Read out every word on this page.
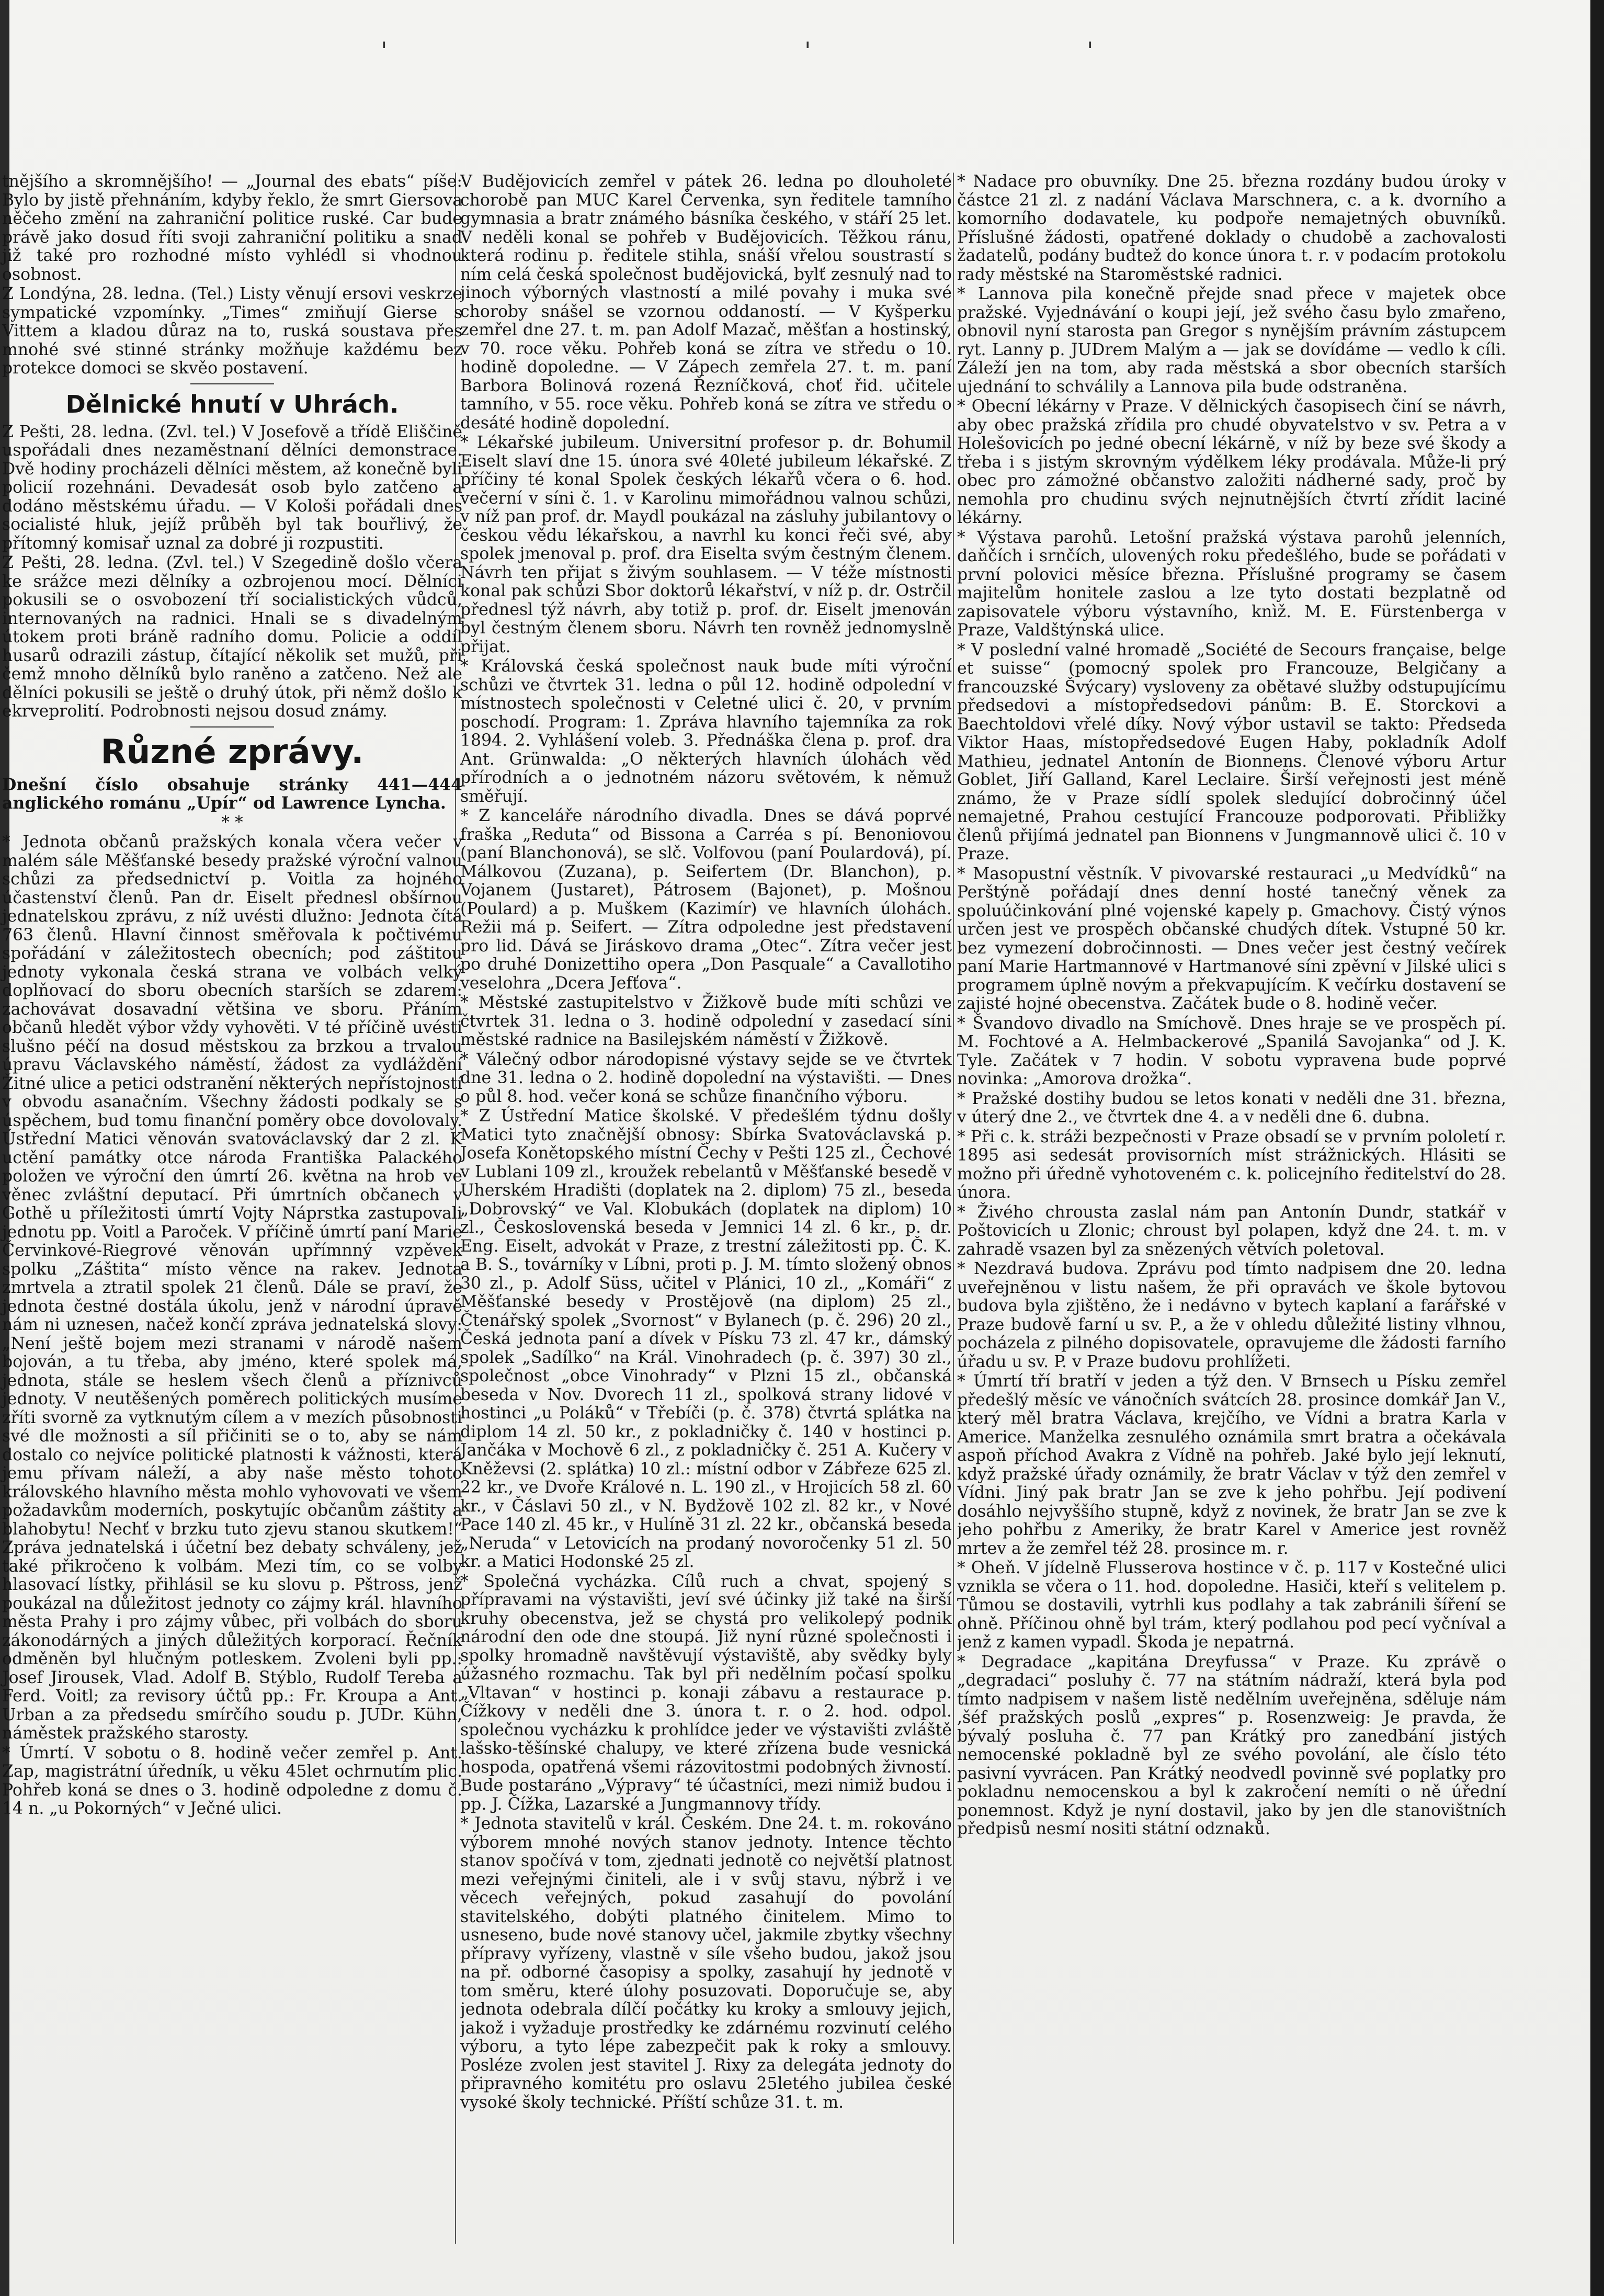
'	'	'

tnějšího a skromnějšího! — „Journal des ebats“ píše: Bylo by jistě přehnáním, kdyby řeklo, že smrt Giersova něčeho změní na zahraniční politice ruské. Car bude právě jako dosud říti svoji zahraniční politiku a snad již také pro rozhodné místo vyhlédl si vhodnou osobnost.

Z Londýna, 28. ledna. (Tel.) Listy věnují ersovi veskrze sympatické vzpomínky. „Times“ zmiňují Gierse s Vittem a kladou důraz na to, ruská soustava přes mnohé své stinné stránky možňuje každému bez protekce domoci se skvěo postavení.

Dělnické hnutí v Uhrách.

Z Pešti, 28. ledna. (Zvl. tel.) V Josefově a třídě Eliščině uspořádali dnes nezaměstnaní dělníci demonstrace. Dvě hodiny procházeli dělníci městem, až konečně byli policií rozehnáni. Devadesát osob bylo zatčeno a dodáno městskému úřadu. — V Kološi pořádali dnes socialisté hluk, jejíž průběh byl tak bouřlivý, že přítomný komisař uznal za dobré ji rozpustiti.

Z Pešti, 28. ledna. (Zvl. tel.) V Szegedině došlo včera ke srážce mezi dělníky a ozbrojenou mocí. Dělníci pokusili se o osvobození tří socialistických vůdců, internovaných na radnici. Hnali se s divadelným útokem proti bráně radního domu. Policie a oddíl husarů odrazili zástup, čítající několik set mužů, při čemž mnoho dělníků bylo raněno a zatčeno. Než ale dělníci pokusili se ještě o druhý útok, při němž došlo k ekrveprolití. Podrobnosti nejsou dosud známy.

Různé zprávy.

Dnešní číslo obsahuje stránky 441—444 anglického románu „Upír“ od Lawrence Lyncha.

* *

* Jednota občanů pražských konala včera večer v malém sále Měšťanské besedy pražské výroční valnou schůzi za předsednictví p. Voitla za hojného účastenství členů. Pan dr. Eiselt přednesl obšírnou jednatelskou zprávu, z níž uvésti dlužno: Jednota čítá 763 členů. Hlavní činnost směřovala k počtivému spořádání v záležitostech obecních; pod záštitou jednoty vykonala česká strana ve volbách velký doplňovací do sboru obecních starších se zdarem: zachovávat dosavadní většina ve sboru. Přáním občanů hledět výbor vždy vyhověti. V té příčině uvésti slušno péčí na dosud městskou za brzkou a trvalou úpravu Václavského náměstí, žádost za vydláždění Žitné ulice a petici odstranění některých nepřístojností v obvodu asanačním. Všechny žádosti podkaly se s úspěchem, bud tomu finanční poměry obce dovolovaly. Ústřední Matici věnován svatováclavský dar 2 zl. K uctění památky otce národa Františka Palackého položen ve výroční den úmrtí 26. května na hrob ve věnec zvláštní deputací. Při úmrtních občanech v Gothě u příležitosti úmrtí Vojty Náprstka zastupovali jednotu pp. Voitl a Paroček. V příčině úmrtí paní Marie Červinkové-Riegrové věnován upřímnný vzpěvek spolku „Záštita“ místo věnce na rakev. Jednota zmrtvela a ztratil spolek 21 členů. Dále se praví, že jednota čestné dostála úkolu, jenž v národní úpravě nám ni uznesen, načež končí zpráva jednatelská slovy: „Není ještě bojem mezi stranami v národě našem bojován, a tu třeba, aby jméno, které spolek má, jednota, stále se heslem všech členů a příznivců jednoty. V neutěšených poměrech politických musíme zříti svorně za vytknutým cílem a v mezích působnosti své dle možnosti a síl přičiniti se o to, aby se nám dostalo co nejvíce politické platnosti k vážnosti, která jemu přívam náleží, a aby naše město tohoto královského hlavního města mohlo vyhovovati ve všem požadavkům moderních, poskytujíc občanům záštity a blahobytu! Nechť v brzku tuto zjevu stanou skutkem!“ Zpráva jednatelská i účetní bez debaty schváleny, jež také přikročeno k volbám. Mezi tím, co se volby hlasovací lístky, přihlásil se ku slovu p. Pštross, jenž poukázal na důležitost jednoty co zájmy král. hlavního města Prahy i pro zájmy vůbec, při volbách do sboru zákonodárných a jiných důležitých korporací. Řečník odměněn byl hlučným potleskem. Zvoleni byli pp.: Josef Jirousek, Vlad. Adolf B. Stýblo, Rudolf Tereba a Ferd. Voitl; za revisory účtů pp.: Fr. Kroupa a Ant. Urban a za předsedu smírčího soudu p. JUDr. Kühn, náměstek pražského starosty.

* Úmrtí. V sobotu o 8. hodině večer zemřel p. Ant. Zap, magistrátní úředník, u věku 45let ochrnutím plic. Pohřeb koná se dnes o 3. hodině odpoledne z domu č. 14 n. „u Pokorných“ v Ječné ulici.

V Budějovicích zemřel v pátek 26. ledna po dlouholeté chorobě pan MUC Karel Červenka, syn ředitele tamního gymnasia a bratr známého básníka českého, v stáří 25 let. V neděli konal se pohřeb v Budějovicích. Těžkou ránu, která rodinu p. ředitele stihla, snáší vřelou soustrastí s ním celá česká společnost budějovická, bylť zesnulý nad to jinoch výborných vlastností a milé povahy i muka své choroby snášel se vzornou oddaností. — V Kyšperku zemřel dne 27. t. m. pan Adolf Mazač, měšťan a hostinský, v 70. roce věku. Pohřeb koná se zítra ve středu o 10. hodině dopoledne. — V Zápech zemřela 27. t. m. paní Barbora Bolinová rozená Řezníčková, choť řid. učitele tamního, v 55. roce věku. Pohřeb koná se zítra ve středu o desáté hodině dopolední.

* Lékařské jubileum. Universitní profesor p. dr. Bohumil Eiselt slaví dne 15. února své 40leté jubileum lékařské. Z příčiny té konal Spolek českých lékařů včera o 6. hod. večerní v síni č. 1. v Karolinu mimořádnou valnou schůzi, v níž pan prof. dr. Maydl poukázal na zásluhy jubilantovy o českou vědu lékařskou, a navrhl ku konci řeči své, aby spolek jmenoval p. prof. dra Eiselta svým čestným členem. Návrh ten přijat s živým souhlasem. — V téže místnosti konal pak schůzi Sbor doktorů lékařství, v níž p. dr. Ostrčil přednesl týž návrh, aby totiž p. prof. dr. Eiselt jmenován byl čestným členem sboru. Návrh ten rovněž jednomyslně přijat.

* Královská česká společnost nauk bude míti výroční schůzi ve čtvrtek 31. ledna o půl 12. hodině odpolední v místnostech společnosti v Celetné ulici č. 20, v prvním poschodí. Program: 1. Zpráva hlavního tajemníka za rok 1894. 2. Vyhlášení voleb. 3. Přednáška člena p. prof. dra Ant. Grünwalda: „O některých hlavních úlohách věd přírodních a o jednotném názoru světovém, k němuž směřují.

* Z kanceláře národního divadla. Dnes se dává poprvé fraška „Reduta“ od Bissona a Carréa s pí. Benoniovou (paní Blanchonová), se slč. Volfovou (paní Poulardová), pí. Málkovou (Zuzana), p. Seifertem (Dr. Blanchon), p. Vojanem (Justaret), Pátrosem (Bajonet), p. Mošnou (Poulard) a p. Muškem (Kazimír) ve hlavních úlohách. Režii má p. Seifert. — Zítra odpoledne jest představení pro lid. Dává se Jiráskovo drama „Otec“. Zítra večer jest po druhé Donizettiho opera „Don Pasquale“ a Cavallotiho veselohra „Dcera Jefťova“.

* Městské zastupitelstvo v Žižkově bude míti schůzi ve čtvrtek 31. ledna o 3. hodině odpolední v zasedací síni městské radnice na Basilejském náměstí v Žižkově.

* Válečný odbor národopisné výstavy sejde se ve čtvrtek dne 31. ledna o 2. hodině dopolední na výstavišti. — Dnes o půl 8. hod. večer koná se schůze finančního výboru.

* Z Ústřední Matice školské. V předešlém týdnu došly Matici tyto značnější obnosy: Sbírka Svatováclavská p. Josefa Konětopského místní Čechy v Pešti 125 zl., Čechové v Lublani 109 zl., kroužek rebelantů v Měšťanské besedě v Uherském Hradišti (doplatek na 2. diplom) 75 zl., beseda „Dobrovský“ ve Val. Klobukách (doplatek na diplom) 10 zl., Československá beseda v Jemnici 14 zl. 6 kr., p. dr. Eng. Eiselt, advokát v Praze, z trestní záležitosti pp. Č. K. a B. S., továrníky v Líbni, proti p. J. M. tímto složený obnos 30 zl., p. Adolf Süss, učitel v Plánici, 10 zl., „Komáři“ z Měšťanské besedy v Prostějově (na diplom) 25 zl., Čtenářský spolek „Svornost“ v Bylanech (p. č. 296) 20 zl., Česká jednota paní a dívek v Písku 73 zl. 47 kr., dámský spolek „Sadílko“ na Král. Vinohradech (p. č. 397) 30 zl., společnost „obce Vinohrady“ v Plzni 15 zl., občanská beseda v Nov. Dvorech 11 zl., spolková strany lidové v hostinci „u Poláků“ v Třebíči (p. č. 378) čtvrtá splátka na diplom 14 zl. 50 kr., z pokladničky č. 140 v hostinci p. Jančáka v Mochově 6 zl., z pokladničky č. 251 A. Kučery v Kněževsi (2. splátka) 10 zl.: místní odbor v Zábřeze 625 zl. 22 kr., ve Dvoře Králové n. L. 190 zl., v Hrojicích 58 zl. 60 kr., v Čáslavi 50 zl., v N. Bydžově 102 zl. 82 kr., v Nové Pace 140 zl. 45 kr., v Hulíně 31 zl. 22 kr., občanská beseda „Neruda“ v Letovicích na prodaný novoročenky 51 zl. 50 kr. a Matici Hodonské 25 zl.

* Společná vycházka. Cílů ruch a chvat, spojený s přípravami na výstavišti, jeví své účinky již také na širší kruhy obecenstva, jež se chystá pro velikolepý podnik národní den ode dne stoupá. Již nyní různé společnosti i spolky hromadně navštěvují výstaviště, aby svědky byly úžasného rozmachu. Tak byl při nedělním počasí spolku „Vltavan“ v hostinci p. konaji zábavu a restaurace p. Čížkovy v neděli dne 3. února t. r. o 2. hod. odpol. společnou vycházku k prohlídce jeder ve výstavišti zvláště lašsko-těšínské chalupy, ve které zřízena bude vesnická hospoda, opatřená všemi rázovitostmi podobných živností. Bude postaráno „Výpravy“ té účastníci, mezi nimiž budou i pp. J. Čížka, Lazarské a Jungmannovy třídy.

* Jednota stavitelů v král. Českém. Dne 24. t. m. rokováno výborem mnohé nových stanov jednoty. Intence těchto stanov spočívá v tom, zjednati jednotě co největší platnost mezi veřejnými činiteli, ale i v svůj stavu, nýbrž i ve věcech veřejných, pokud zasahují do povolání stavitelského, dobýti platného činitelem. Mimo to usneseno, bude nové stanovy učel, jakmile zbytky všechny přípravy vyřízeny, vlastně v síle všeho budou, jakož jsou na př. odborné časopisy a spolky, zasahují hy jednotě v tom směru, které úlohy posuzovati. Doporučuje se, aby jednota odebrala dílčí počátky ku kroky a smlouvy jejich, jakož i vyžaduje prostředky ke zdárnému rozvinutí celého výboru, a tyto lépe zabezpečit pak k roky a smlouvy. Posléze zvolen jest stavitel J. Rixy za delegáta jednoty do připravného komitétu pro oslavu 25letého jubilea české vysoké školy technické. Příští schůze 31. t. m.

* Nadace pro obuvníky. Dne 25. března rozdány budou úroky v částce 21 zl. z nadání Václava Marschnera, c. a k. dvorního a komorního dodavatele, ku podpoře nemajetných obuvníků. Příslušné žádosti, opatřené doklady o chudobě a zachovalosti žadatelů, podány budtež do konce února t. r. v podacím protokolu rady městské na Staroměstské radnici.

* Lannova pila konečně přejde snad přece v majetek obce pražské. Vyjednávání o koupi její, jež svého času bylo zmařeno, obnovil nyní starosta pan Gregor s nynějším právním zástupcem ryt. Lanny p. JUDrem Malým a — jak se dovídáme — vedlo k cíli. Záleží jen na tom, aby rada městská a sbor obecních starších ujednání to schválily a Lannova pila bude odstraněna.

* Obecní lékárny v Praze. V dělnických časopisech činí se návrh, aby obec pražská zřídila pro chudé obyvatelstvo v sv. Petra a v Holešovicích po jedné obecní lékárně, v níž by beze své škody a třeba i s jistým skrovným výdělkem léky prodávala. Může-li prý obec pro zámožné občanstvo založiti nádherné sady, proč by nemohla pro chudinu svých nejnutnějších čtvrtí zřídit laciné lékárny.

* Výstava parohů. Letošní pražská výstava parohů jelenních, daňčích i srnčích, ulovených roku předešlého, bude se pořádati v první polovici měsíce března. Příslušné programy se časem majitelům honitele zaslou a lze tyto dostati bezplatně od zapisovatele výboru výstavního, knìž. M. E. Fürstenberga v Praze, Valdštýnská ulice.

* V poslední valné hromadě „Société de Secours française, belge et suisse“ (pomocný spolek pro Francouze, Belgičany a francouzské Švýcary) vysloveny za obětavé služby odstupujícímu předsedovi a místopředsedovi pánům: B. E. Storckovi a Baechtoldovi vřelé díky. Nový výbor ustavil se takto: Předseda Viktor Haas, místopředsedové Eugen Haby, pokladník Adolf Mathieu, jednatel Antonín de Bionnens. Členové výboru Artur Goblet, Jiří Galland, Karel Leclaire. Širší veřejnosti jest méně známo, že v Praze sídlí spolek sledující dobročinný účel nemajetné, Prahou cestující Francouze podporovati. Přibližky členů přijímá jednatel pan Bionnens v Jungmannově ulici č. 10 v Praze.

* Masopustní věstník. V pivovarské restauraci „u Medvídků“ na Perštýně pořádají dnes denní hosté tanečný věnek za spoluúčinkování plné vojenské kapely p. Gmachovy. Čistý výnos určen jest ve prospěch občanské chudých dítek. Vstupné 50 kr. bez vymezení dobročinnosti. — Dnes večer jest čestný večírek paní Marie Hartmannové v Hartmanové síni zpěvní v Jilské ulici s programem úplně novým a překvapujícím. K večírku dostavení se zajisté hojné obecenstva. Začátek bude o 8. hodině večer.

* Švandovo divadlo na Smíchově. Dnes hraje se ve prospěch pí. M. Fochtové a A. Helmbackerové „Spanilá Savojanka“ od J. K. Tyle. Začátek v 7 hodin. V sobotu vypravena bude poprvé novinka: „Amorova drožka“.

* Pražské dostihy budou se letos konati v neděli dne 31. března, v úterý dne 2., ve čtvrtek dne 4. a v neděli dne 6. dubna.

* Při c. k. stráži bezpečnosti v Praze obsadí se v prvním pololetí r. 1895 asi sedesát provisorních míst strážnických. Hlásiti se možno při úředně vyhotoveném c. k. policejního ředitelství do 28. února.

* Živého chrousta zaslal nám pan Antonín Dundr, statkář v Poštovicích u Zlonic; chroust byl polapen, když dne 24. t. m. v zahradě vsazen byl za snězených větvích poletoval.

* Nezdravá budova. Zprávu pod tímto nadpisem dne 20. ledna uveřejněnou v listu našem, že při opravách ve škole bytovou budova byla zjištěno, že i nedávno v bytech kaplaní a farářské v Praze budově farní u sv. P., a že v ohledu důležité listiny vlhnou, pocházela z pilného dopisovatele, opravujeme dle žádosti farního úřadu u sv. P. v Praze budovu prohlížeti.

* Úmrtí tří bratří v jeden a týž den. V Brnsech u Písku zemřel předešlý měsíc ve vánočních svátcích 28. prosince domkář Jan V., který měl bratra Václava, krejčího, ve Vídni a bratra Karla v Americe. Manželka zesnulého oznámila smrt bratra a očekávala aspoň příchod Avakra z Vídně na pohřeb. Jaké bylo její leknutí, když pražské úřady oznámily, že bratr Václav v týž den zemřel v Vídni. Jiný pak bratr Jan se zve k jeho pohřbu. Její podivení dosáhlo nejvyššího stupně, když z novinek, že bratr Jan se zve k jeho pohřbu z Ameriky, že bratr Karel v Americe jest rovněž mrtev a že zemřel též 28. prosince m. r.

* Oheň. V jídelně Flusserova hostince v č. p. 117 v Kostečné ulici vznikla se včera o 11. hod. dopoledne. Hasiči, kteří s velitelem p. Tůmou se dostavili, vytrhli kus podlahy a tak zabránili šíření se ohně. Příčinou ohně byl trám, který podlahou pod pecí vyčníval a jenž z kamen vypadl. Škoda je nepatrná.

* Degradace „kapitána Dreyfussa“ v Praze. Ku zprávě o „degradaci“ posluhy č. 77 na státním nádraží, která byla pod tímto nadpisem v našem listě nedělním uveřejněna, sděluje nám ,šéf pražských poslů „expres“ p. Rosenzweig: Je pravda, že bývalý posluha č. 77 pan Krátký pro zanedbání jistých nemocenské pokladně byl ze svého povolání, ale číslo této pasivní vyvrácen. Pan Krátký neodvedl povinně své poplatky pro pokladnu nemocenskou a byl k zakročení nemíti o ně úřední ponemnost. Když je nyní dostavil, jako by jen dle stanovištních předpisů nesmí nositi státní odznaků.
